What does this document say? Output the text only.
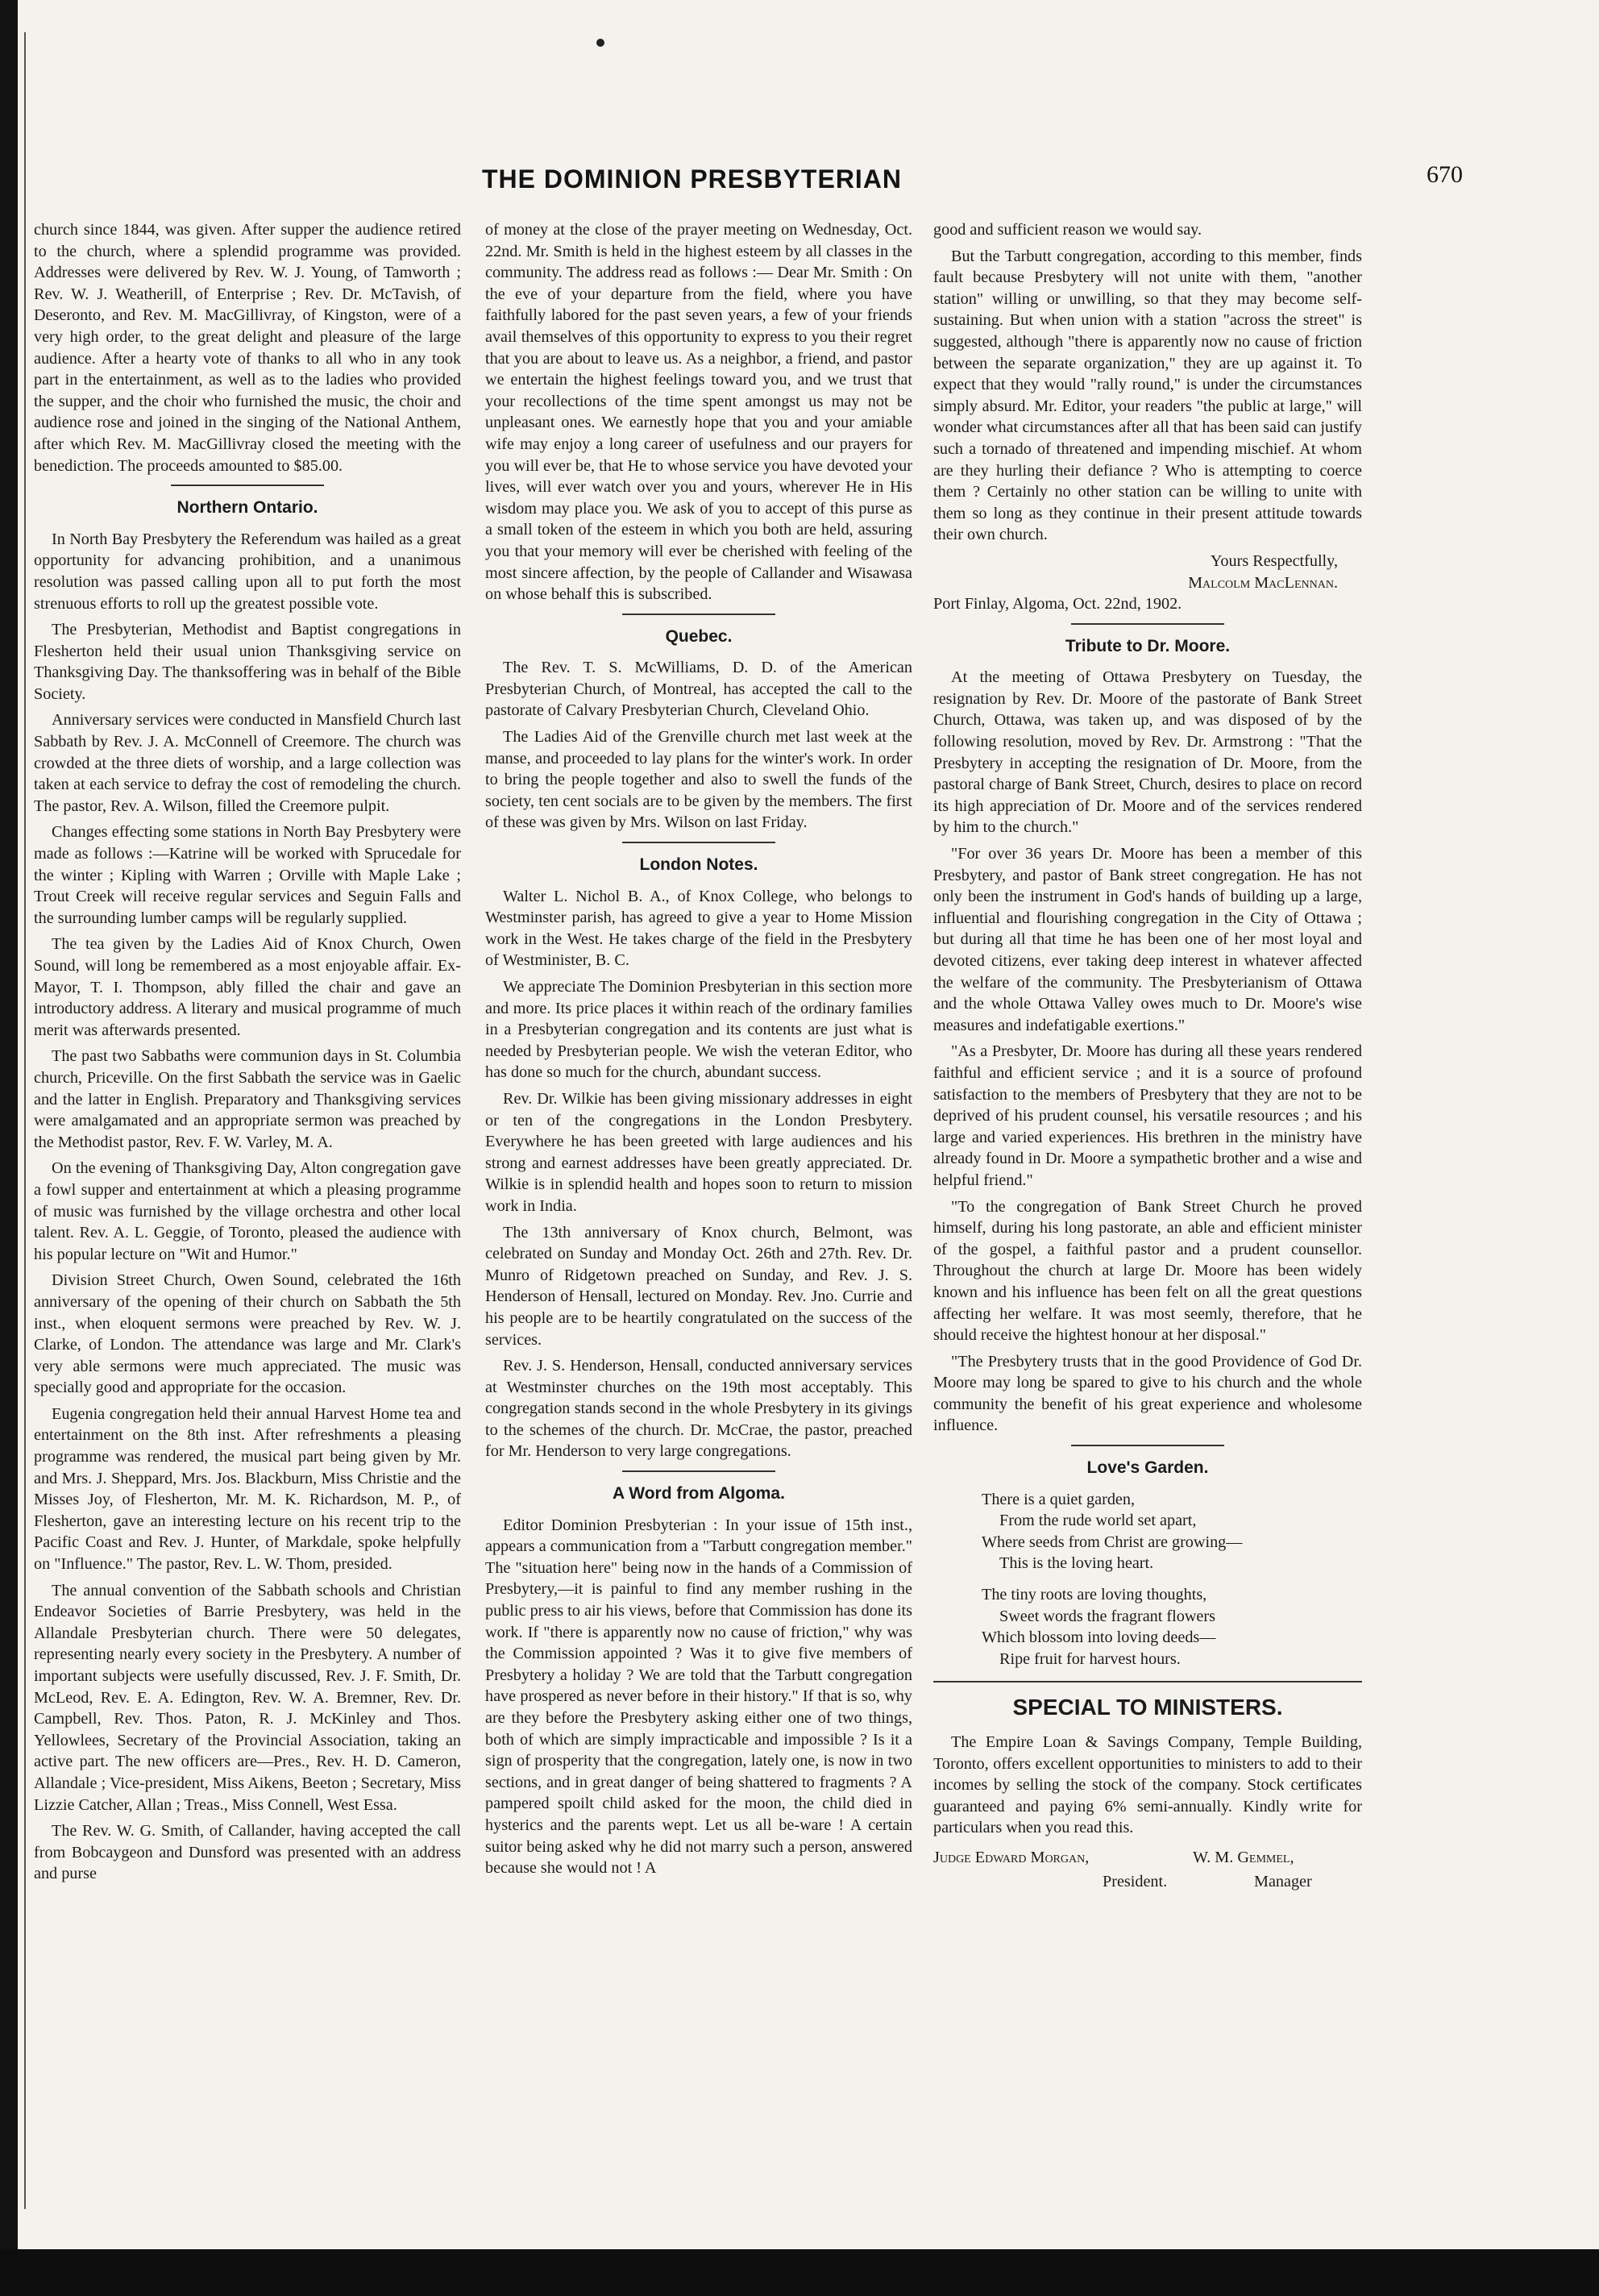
THE DOMINION PRESBYTERIAN	670

church since 1844, was given. After supper the audience retired to the church, where a splendid programme was provided. Addresses were delivered by Rev. W. J. Young, of Tamworth ; Rev. W. J. Weatherill, of Enterprise ; Rev. Dr. McTavish, of Deseronto, and Rev. M. MacGillivray, of Kingston, were of a very high order, to the great delight and pleasure of the large audience. After a hearty vote of thanks to all who in any took part in the entertainment, as well as to the ladies who provided the supper, and the choir who furnished the music, the choir and audience rose and joined in the singing of the National Anthem, after which Rev. M. MacGillivray closed the meeting with the benediction. The proceeds amounted to $85.00.

Northern Ontario.

In North Bay Presbytery the Referendum was hailed as a great opportunity for advancing prohibition, and a unanimous resolution was passed calling upon all to put forth the most strenuous efforts to roll up the greatest possible vote.

The Presbyterian, Methodist and Baptist congregations in Flesherton held their usual union Thanksgiving service on Thanksgiving Day. The thanksoffering was in behalf of the Bible Society.

Anniversary services were conducted in Mansfield Church last Sabbath by Rev. J. A. McConnell of Creemore. The church was crowded at the three diets of worship, and a large collection was taken at each service to defray the cost of remodeling the church. The pastor, Rev. A. Wilson, filled the Creemore pulpit.

Changes effecting some stations in North Bay Presbytery were made as follows :—Katrine will be worked with Sprucedale for the winter ; Kipling with Warren ; Orville with Maple Lake ; Trout Creek will receive regular services and Seguin Falls and the surrounding lumber camps will be regularly supplied.

The tea given by the Ladies Aid of Knox Church, Owen Sound, will long be remembered as a most enjoyable affair. Ex-Mayor, T. I. Thompson, ably filled the chair and gave an introductory address. A literary and musical programme of much merit was afterwards presented.

The past two Sabbaths were communion days in St. Columbia church, Priceville. On the first Sabbath the service was in Gaelic and the latter in English. Preparatory and Thanksgiving services were amalgamated and an appropriate sermon was preached by the Methodist pastor, Rev. F. W. Varley, M. A.

On the evening of Thanksgiving Day, Alton congregation gave a fowl supper and entertainment at which a pleasing programme of music was furnished by the village orchestra and other local talent. Rev. A. L. Geggie, of Toronto, pleased the audience with his popular lecture on "Wit and Humor."

Division Street Church, Owen Sound, celebrated the 16th anniversary of the opening of their church on Sabbath the 5th inst., when eloquent sermons were preached by Rev. W. J. Clarke, of London. The attendance was large and Mr. Clark's very able sermons were much appreciated. The music was specially good and appropriate for the occasion.

Eugenia congregation held their annual Harvest Home tea and entertainment on the 8th inst. After refreshments a pleasing programme was rendered, the musical part being given by Mr. and Mrs. J. Sheppard, Mrs. Jos. Blackburn, Miss Christie and the Misses Joy, of Flesherton, Mr. M. K. Richardson, M. P., of Flesherton, gave an interesting lecture on his recent trip to the Pacific Coast and Rev. J. Hunter, of Markdale, spoke helpfully on "Influence." The pastor, Rev. L. W. Thom, presided.

The annual convention of the Sabbath schools and Christian Endeavor Societies of Barrie Presbytery, was held in the Allandale Presbyterian church. There were 50 delegates, representing nearly every society in the Presbytery. A number of important subjects were usefully discussed, Rev. J. F. Smith, Dr. McLeod, Rev. E. A. Edington, Rev. W. A. Bremner, Rev. Dr. Campbell, Rev. Thos. Paton, R. J. McKinley and Thos. Yellowlees, Secretary of the Provincial Association, taking an active part. The new officers are—Pres., Rev. H. D. Cameron, Allandale ; Vice-president, Miss Aikens, Beeton ; Secretary, Miss Lizzie Catcher, Allan ; Treas., Miss Connell, West Essa.

The Rev. W. G. Smith, of Callander, having accepted the call from Bobcaygeon and Dunsford was presented with an address and purse

of money at the close of the prayer meeting on Wednesday, Oct. 22nd. Mr. Smith is held in the highest esteem by all classes in the community. The address read as follows :— Dear Mr. Smith : On the eve of your departure from the field, where you have faithfully labored for the past seven years, a few of your friends avail themselves of this opportunity to express to you their regret that you are about to leave us. As a neighbor, a friend, and pastor we entertain the highest feelings toward you, and we trust that your recollections of the time spent amongst us may not be unpleasant ones. We earnestly hope that you and your amiable wife may enjoy a long career of usefulness and our prayers for you will ever be, that He to whose service you have devoted your lives, will ever watch over you and yours, wherever He in His wisdom may place you. We ask of you to accept of this purse as a small token of the esteem in which you both are held, assuring you that your memory will ever be cherished with feeling of the most sincere affection, by the people of Callander and Wisawasa on whose behalf this is subscribed.

Quebec.

The Rev. T. S. McWilliams, D. D. of the American Presbyterian Church, of Montreal, has accepted the call to the pastorate of Calvary Presbyterian Church, Cleveland Ohio.

The Ladies Aid of the Grenville church met last week at the manse, and proceeded to lay plans for the winter's work. In order to bring the people together and also to swell the funds of the society, ten cent socials are to be given by the members. The first of these was given by Mrs. Wilson on last Friday.

London Notes.

Walter L. Nichol B. A., of Knox College, who belongs to Westminster parish, has agreed to give a year to Home Mission work in the West. He takes charge of the field in the Presbytery of Westminister, B. C.

We appreciate The Dominion Presbyterian in this section more and more. Its price places it within reach of the ordinary families in a Presbyterian congregation and its contents are just what is needed by Presbyterian people. We wish the veteran Editor, who has done so much for the church, abundant success.

Rev. Dr. Wilkie has been giving missionary addresses in eight or ten of the congregations in the London Presbytery. Everywhere he has been greeted with large audiences and his strong and earnest addresses have been greatly appreciated. Dr. Wilkie is in splendid health and hopes soon to return to mission work in India.

The 13th anniversary of Knox church, Belmont, was celebrated on Sunday and Monday Oct. 26th and 27th. Rev. Dr. Munro of Ridgetown preached on Sunday, and Rev. J. S. Henderson of Hensall, lectured on Monday. Rev. Jno. Currie and his people are to be heartily congratulated on the success of the services.

Rev. J. S. Henderson, Hensall, conducted anniversary services at Westminster churches on the 19th most acceptably. This congregation stands second in the whole Presbytery in its givings to the schemes of the church. Dr. McCrae, the pastor, preached for Mr. Henderson to very large congregations.

A Word from Algoma.

Editor Dominion Presbyterian : In your issue of 15th inst., appears a communication from a "Tarbutt congregation member." The "situation here" being now in the hands of a Commission of Presbytery,—it is painful to find any member rushing in the public press to air his views, before that Commission has done its work. If "there is apparently now no cause of friction," why was the Commission appointed ? Was it to give five members of Presbytery a holiday ? We are told that the Tarbutt congregation have prospered as never before in their history." If that is so, why are they before the Presbytery asking either one of two things, both of which are simply impracticable and impossible ? Is it a sign of prosperity that the congregation, lately one, is now in two sections, and in great danger of being shattered to fragments ? A pampered spoilt child asked for the moon, the child died in hysterics and the parents wept. Let us all be-ware ! A certain suitor being asked why he did not marry such a person, answered because she would not ! A

good and sufficient reason we would say.

But the Tarbutt congregation, according to this member, finds fault because Presbytery will not unite with them, "another station" willing or unwilling, so that they may become self-sustaining. But when union with a station "across the street" is suggested, although "there is apparently now no cause of friction between the separate organization," they are up against it. To expect that they would "rally round," is under the circumstances simply absurd. Mr. Editor, your readers "the public at large," will wonder what circumstances after all that has been said can justify such a tornado of threatened and impending mischief. At whom are they hurling their defiance ? Who is attempting to coerce them ? Certainly no other station can be willing to unite with them so long as they continue in their present attitude towards their own church.

Yours Respectfully,
Malcolm MacLennan.

Port Finlay, Algoma, Oct. 22nd, 1902.

Tribute to Dr. Moore.

At the meeting of Ottawa Presbytery on Tuesday, the resignation by Rev. Dr. Moore of the pastorate of Bank Street Church, Ottawa, was taken up, and was disposed of by the following resolution, moved by Rev. Dr. Armstrong : "That the Presbytery in accepting the resignation of Dr. Moore, from the pastoral charge of Bank Street, Church, desires to place on record its high appreciation of Dr. Moore and of the services rendered by him to the church."

"For over 36 years Dr. Moore has been a member of this Presbytery, and pastor of Bank street congregation. He has not only been the instrument in God's hands of building up a large, influential and flourishing congregation in the City of Ottawa ; but during all that time he has been one of her most loyal and devoted citizens, ever taking deep interest in whatever affected the welfare of the community. The Presbyterianism of Ottawa and the whole Ottawa Valley owes much to Dr. Moore's wise measures and indefatigable exertions."

"As a Presbyter, Dr. Moore has during all these years rendered faithful and efficient service ; and it is a source of profound satisfaction to the members of Presbytery that they are not to be deprived of his prudent counsel, his versatile resources ; and his large and varied experiences. His brethren in the ministry have already found in Dr. Moore a sympathetic brother and a wise and helpful friend."

"To the congregation of Bank Street Church he proved himself, during his long pastorate, an able and efficient minister of the gospel, a faithful pastor and a prudent counsellor. Throughout the church at large Dr. Moore has been widely known and his influence has been felt on all the great questions affecting her welfare. It was most seemly, therefore, that he should receive the hightest honour at her disposal."

"The Presbytery trusts that in the good Providence of God Dr. Moore may long be spared to give to his church and the whole community the benefit of his great experience and wholesome influence.

Love's Garden.
There is a quiet garden,
From the rude world set apart,
Where seeds from Christ are growing—
This is the loving heart.
The tiny roots are loving thoughts,
Sweet words the fragrant flowers
Which blossom into loving deeds—
Ripe fruit for harvest hours.
SPECIAL TO MINISTERS.

The Empire Loan & Savings Company, Temple Building, Toronto, offers excellent opportunities to ministers to add to their incomes by selling the stock of the company. Stock certificates guaranteed and paying 6% semi-annually. Kindly write for particulars when you read this.

Judge Edward Morgan,	W. M. Gemmel,
President.	Manager
